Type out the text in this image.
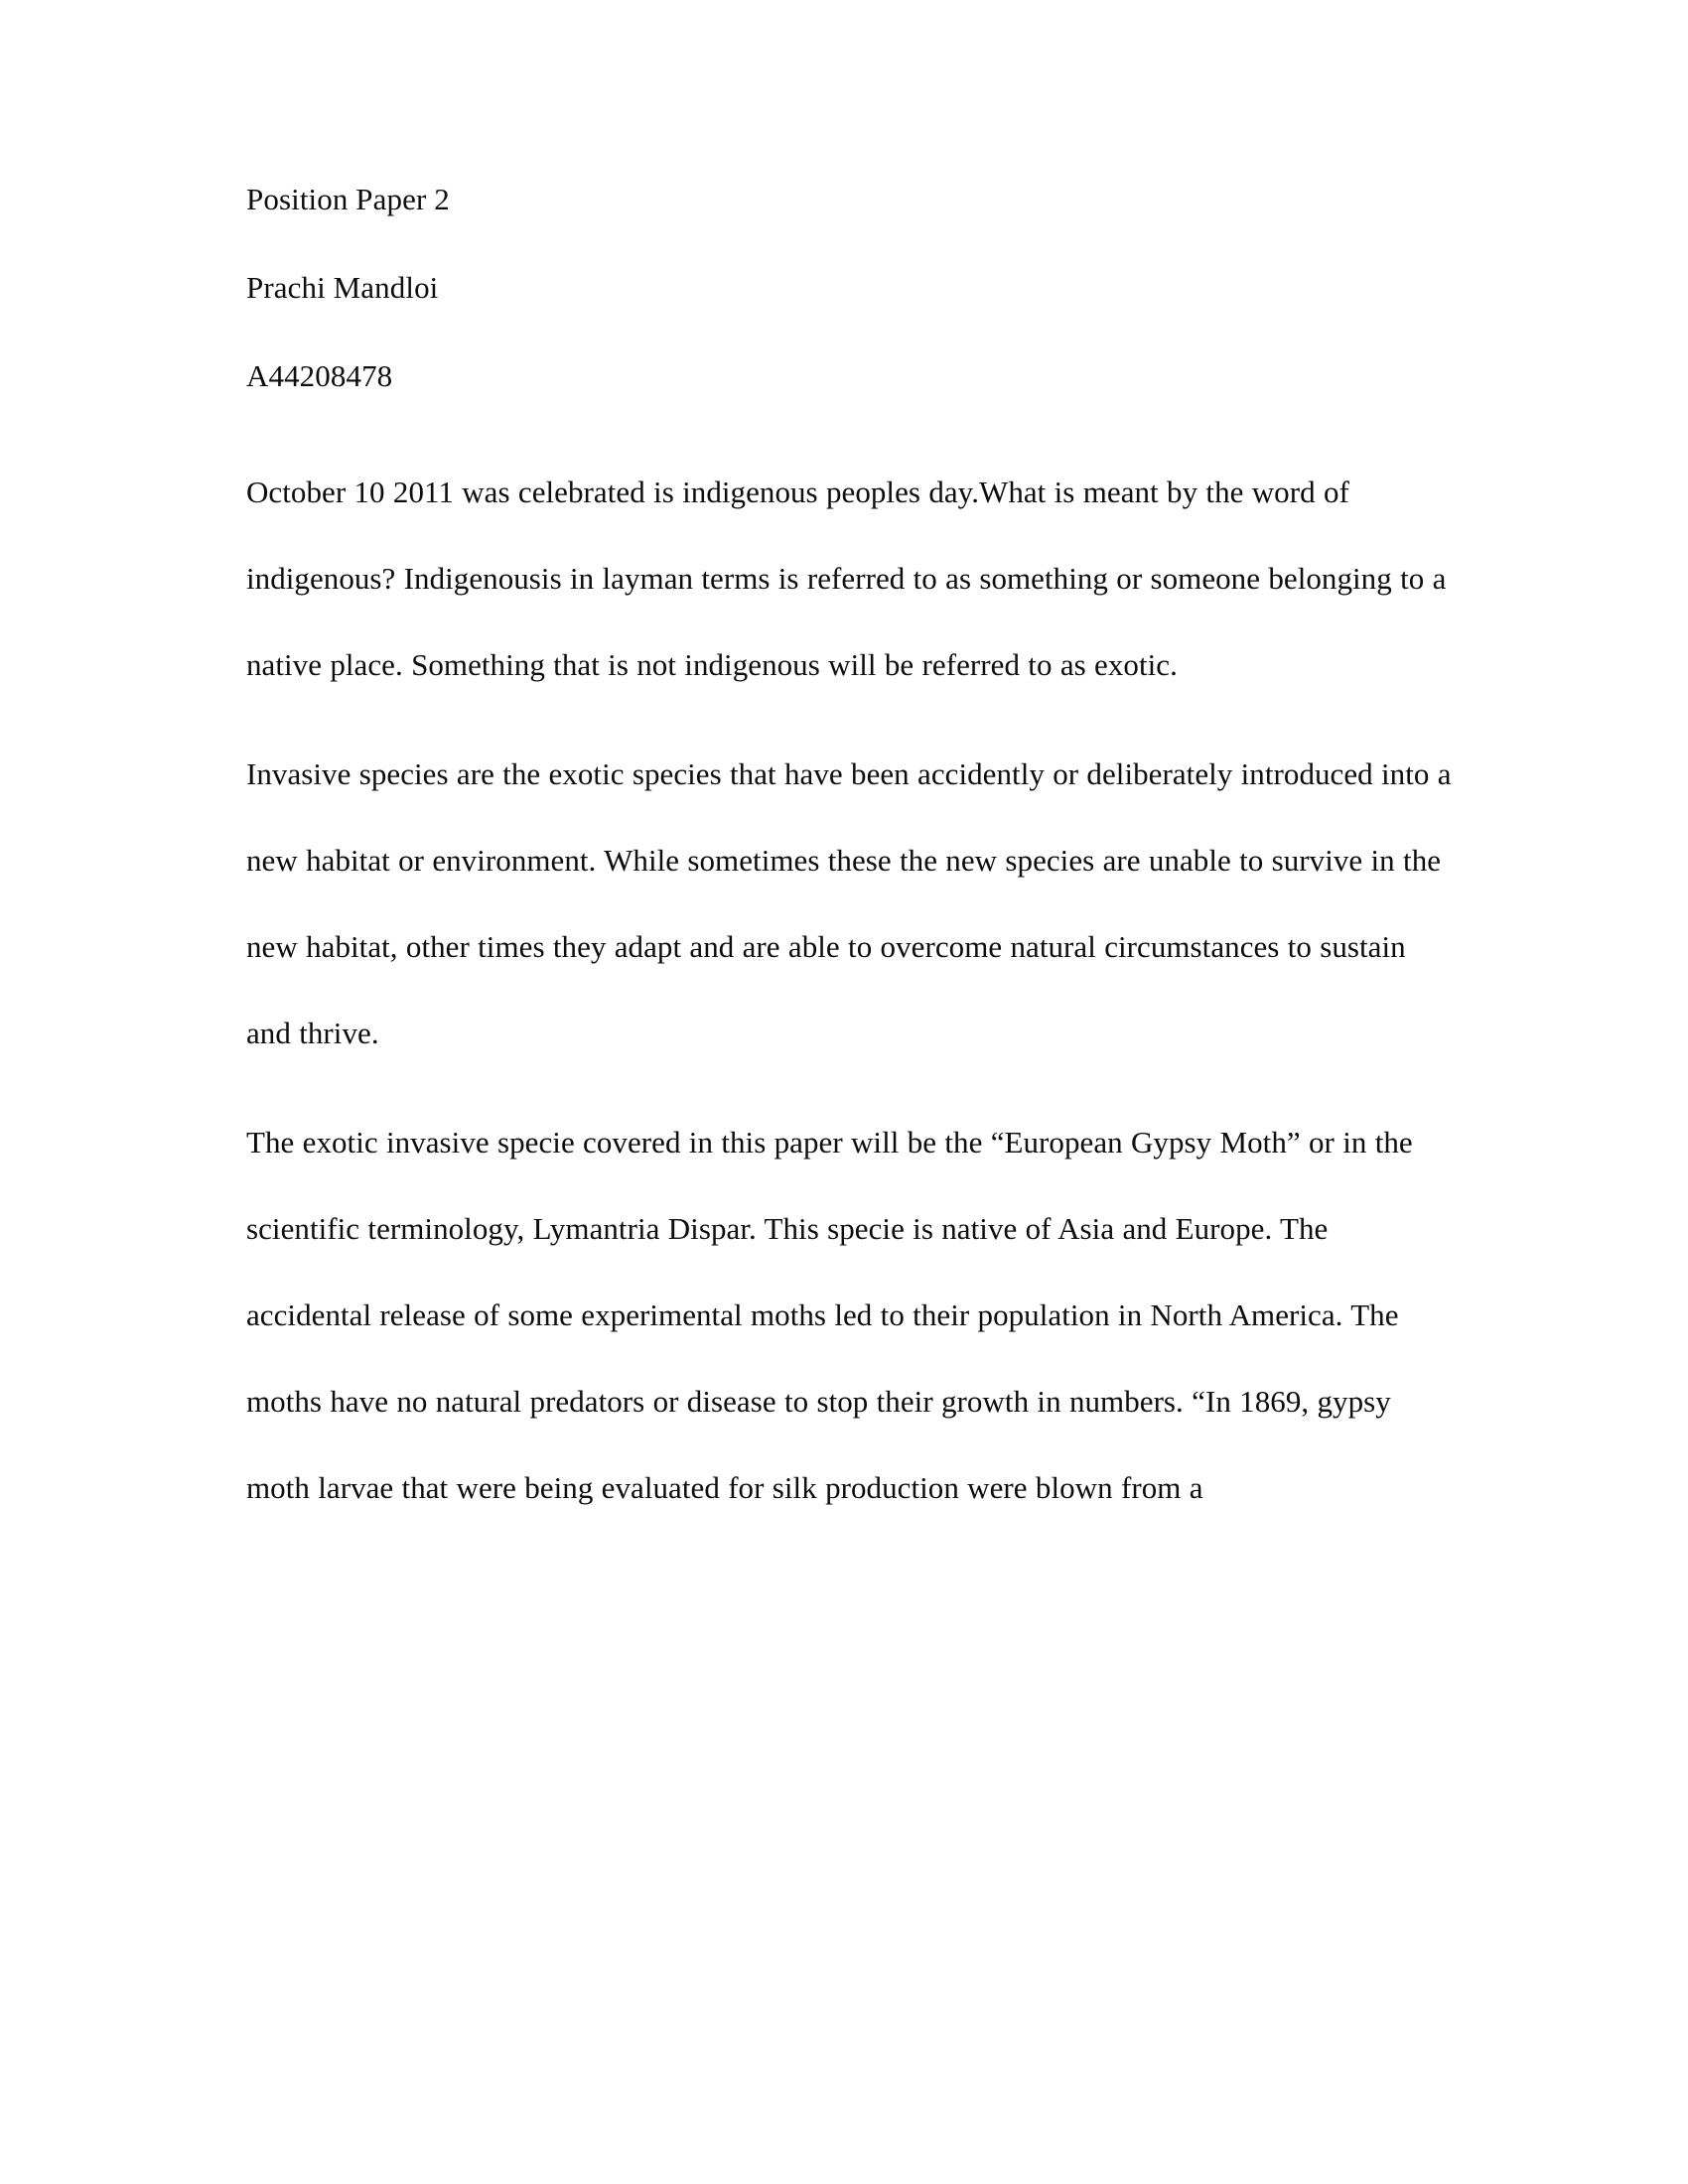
Position Paper 2

Prachi Mandloi

A44208478

October 10 2011 was celebrated is indigenous peoples day.What is meant by the word of indigenous? Indigenousis in layman terms is referred to as something or someone belonging to a native place. Something that is not indigenous will be referred to as exotic.

Invasive species are the exotic species that have been accidently or deliberately introduced into a new habitat or environment. While sometimes these the new species are unable to survive in the new habitat, other times they adapt and are able to overcome natural circumstances to sustain and thrive.

The exotic invasive specie covered in this paper will be the “European Gypsy Moth” or in the scientific terminology, Lymantria Dispar. This specie is native of Asia and Europe. The accidental release of some experimental moths led to their population in North America. The moths have no natural predators or disease to stop their growth in numbers. “In 1869, gypsy moth larvae that were being evaluated for silk production were blown from a
